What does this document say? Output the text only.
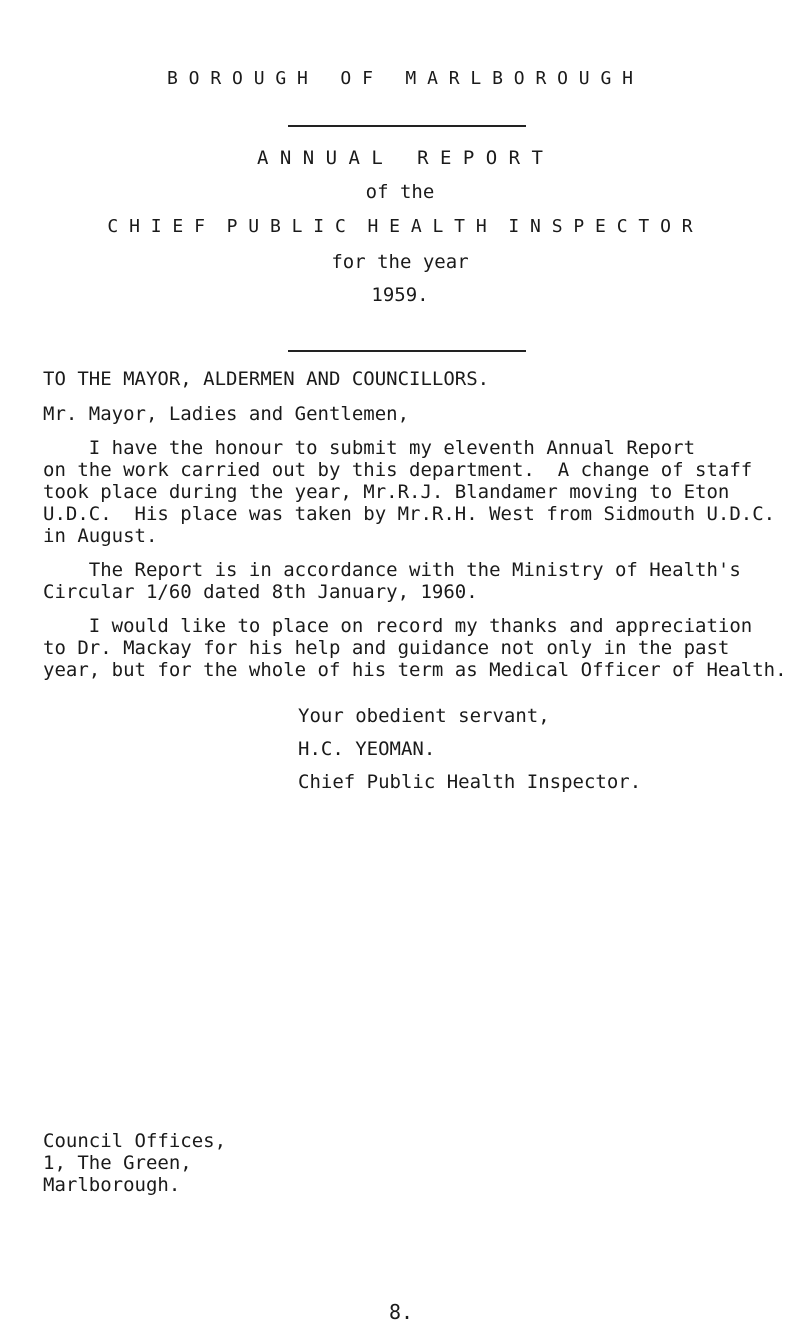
B O R O U G H   O F   M A R L B O R O U G H
A N N U A L   R E P O R T
of the
C H I E F  P U B L I C  H E A L T H  I N S P E C T O R
for the year
1959.
TO THE MAYOR, ALDERMEN AND COUNCILLORS.
Mr. Mayor, Ladies and Gentlemen,
I have the honour to submit my eleventh Annual Report
on the work carried out by this department.  A change of staff
took place during the year, Mr.R.J. Blandamer moving to Eton
U.D.C.  His place was taken by Mr.R.H. West from Sidmouth U.D.C.
in August.
The Report is in accordance with the Ministry of Health's
Circular 1/60 dated 8th January, 1960.
I would like to place on record my thanks and appreciation
to Dr. Mackay for his help and guidance not only in the past
year, but for the whole of his term as Medical Officer of Health.
Your obedient servant,
H.C. YEOMAN.
Chief Public Health Inspector.
Council Offices,
1, The Green,
Marlborough.
8.
